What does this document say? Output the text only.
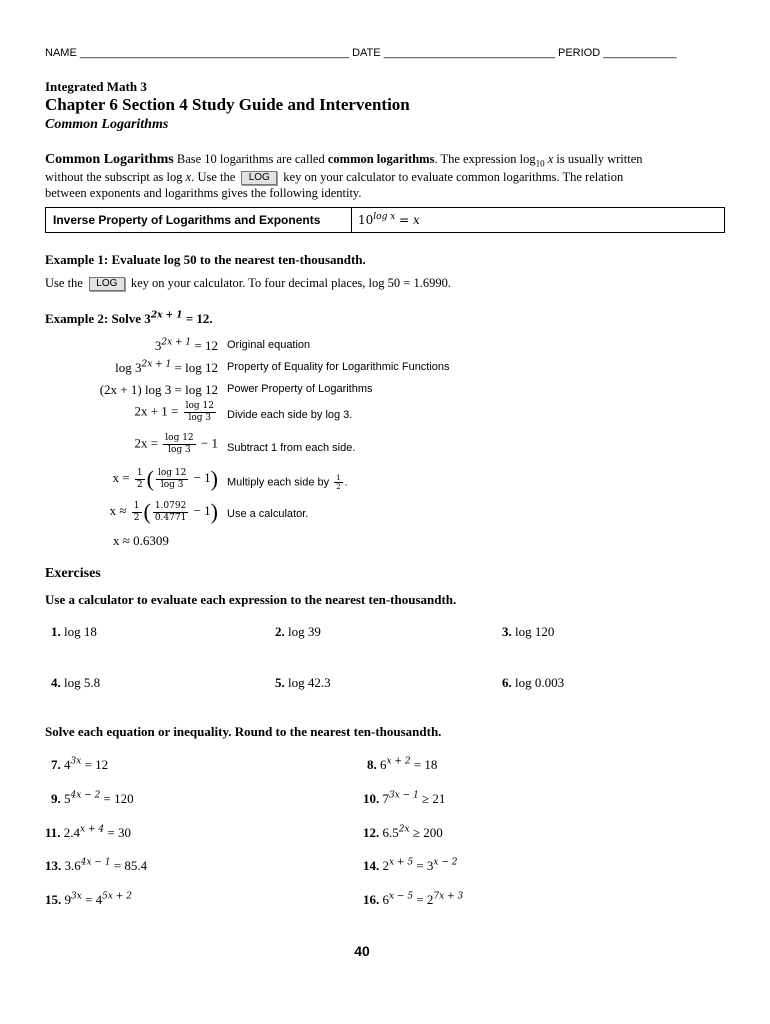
NAME ____________________________________________ DATE ____________________________ PERIOD ____________
Integrated Math 3
Chapter 6 Section 4 Study Guide and Intervention
Common Logarithms
Common Logarithms Base 10 logarithms are called common logarithms. The expression $\log_{10} x$ is usually written
without the subscript as log x. Use the LOG key on your calculator to evaluate common logarithms. The relation
between exponents and logarithms gives the following identity.
Inverse Property of Logarithms and Exponents	$10^{log x} = x$
Example 1: Evaluate log 50 to the nearest ten-thousandth.
Use the LOG key on your calculator. To four decimal places, log 50 = 1.6990.
Example 2: Solve $3^{2x + 1} = 12$.
$3^{2x + 1} = 12$ Original equation
$\log 3^{2x + 1} = \log 12$ Property of Equality for Logarithmic Functions
(2x + 1) log 3 = log 12 Power Property of Logarithms
$2x + 1 = \frac{\log 12}{\log 3}$ Divide each side by log 3.
$2x = \frac{\log 12}{\log 3} - 1$ Subtract 1 from each side.
$x = \frac{1}{2}$ ( $\frac{\log 12}{\log 3} - 1$) Multiply each side by $\frac{1}{2}$ .
$x \approx \frac{1}{2}$ ( $\frac{1.0792}{0.4771} - 1$) Use a calculator.
x ≈ 0.6309
Exercises
Use a calculator to evaluate each expression to the nearest ten-thousandth.
1. log 18	2. log 39	3. log 120
4. log 5.8	5. log 42.3	6. log 0.003
Solve each equation or inequality. Round to the nearest ten-thousandth.
7. $4^{3x} = 12$	8. $6^{x + 2} = 18$
9. $5^{4x - 2} = 120$	10. $7^{3x - 1} \ge 21$
11. $2.4^{x + 4} = 30$	12. $6.5^{2x} \ge 200$
13. $3.6^{4x - 1} = 85.4$	14. $2^{x + 5} = 3^{x - 2}$
15. $9^{3x} = 4^{5x + 2}$	16. $6^{x - 5} = 2^{7x + 3}$
40
